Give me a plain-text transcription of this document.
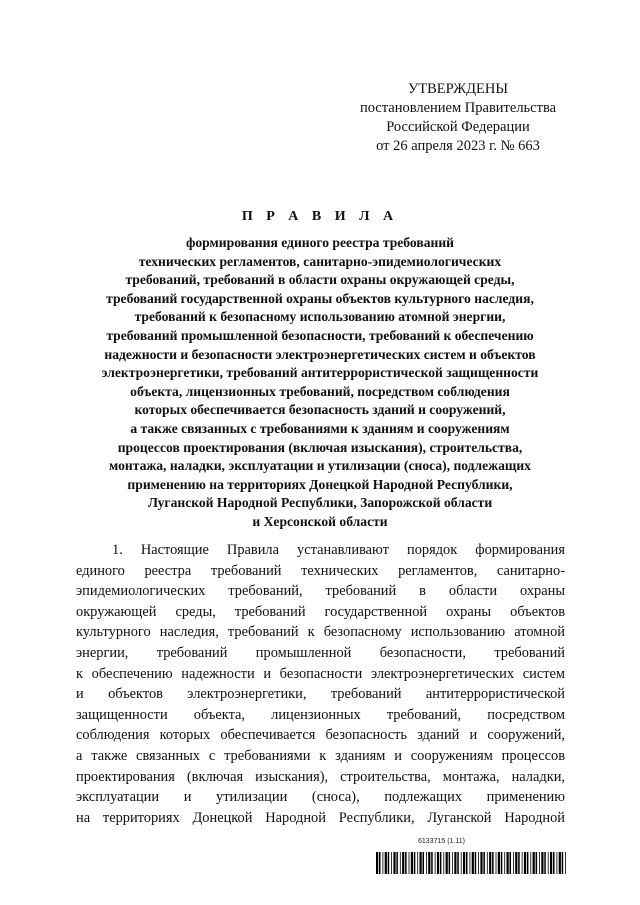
УТВЕРЖДЕНЫ
постановлением Правительства
Российской Федерации
от 26 апреля 2023 г. № 663
П Р А В И Л А
формирования единого реестра требований
технических регламентов, санитарно-эпидемиологических
требований, требований в области охраны окружающей среды,
требований государственной охраны объектов культурного наследия,
требований к безопасному использованию атомной энергии,
требований промышленной безопасности, требований к обеспечению
надежности и безопасности электроэнергетических систем и объектов
электроэнергетики, требований антитеррористической защищенности
объекта, лицензионных требований, посредством соблюдения
которых обеспечивается безопасность зданий и сооружений,
а также связанных с требованиями к зданиям и сооружениям
процессов проектирования (включая изыскания), строительства,
монтажа, наладки, эксплуатации и утилизации (сноса), подлежащих
применению на территориях Донецкой Народной Республики,
Луганской Народной Республики, Запорожской области
и Херсонской области
1. Настоящие Правила устанавливают порядок формирования
единого реестра требований технических регламентов, санитарно-
эпидемиологических требований, требований в области охраны
окружающей среды, требований государственной охраны объектов
культурного наследия, требований к безопасному использованию атомной
энергии, требований промышленной безопасности, требований
к обеспечению надежности и безопасности электроэнергетических систем
и объектов электроэнергетики, требований антитеррористической
защищенности объекта, лицензионных требований, посредством
соблюдения которых обеспечивается безопасность зданий и сооружений,
а также связанных с требованиями к зданиям и сооружениям процессов
проектирования (включая изыскания), строительства, монтажа, наладки,
эксплуатации и утилизации (сноса), подлежащих применению
на территориях Донецкой Народной Республики, Луганской Народной
6133715 (1.11)
